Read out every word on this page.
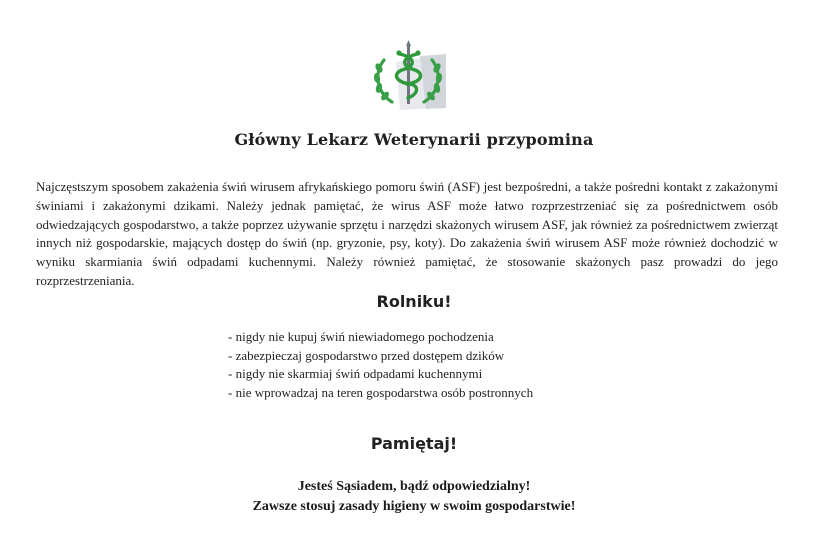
Główny Lekarz Weterynarii przypomina
Najczęstszym sposobem zakażenia świń wirusem afrykańskiego pomoru świń (ASF) jest bezpośredni, a także pośredni kontakt z zakażonymi świniami i zakażonymi dzikami. Należy jednak pamiętać, że wirus ASF może łatwo rozprzestrzeniać się za pośrednictwem osób odwiedzających gospodarstwo, a także poprzez używanie sprzętu i narzędzi skażonych wirusem ASF, jak również za pośrednictwem zwierząt innych niż gospodarskie, mających dostęp do świń (np. gryzonie, psy, koty). Do zakażenia świń wirusem ASF może również dochodzić w wyniku skarmiania świń odpadami kuchennymi. Należy również pamiętać, że stosowanie skażonych pasz prowadzi do jego rozprzestrzeniania.
Rolniku!
- nigdy nie kupuj świń niewiadomego pochodzenia
- zabezpieczaj gospodarstwo przed dostępem dzików
- nigdy nie skarmiaj świń odpadami kuchennymi
- nie wprowadzaj na teren gospodarstwa osób postronnych
Pamiętaj!
Jesteś Sąsiadem, bądź odpowiedzialny!
Zawsze stosuj zasady higieny w swoim gospodarstwie!
